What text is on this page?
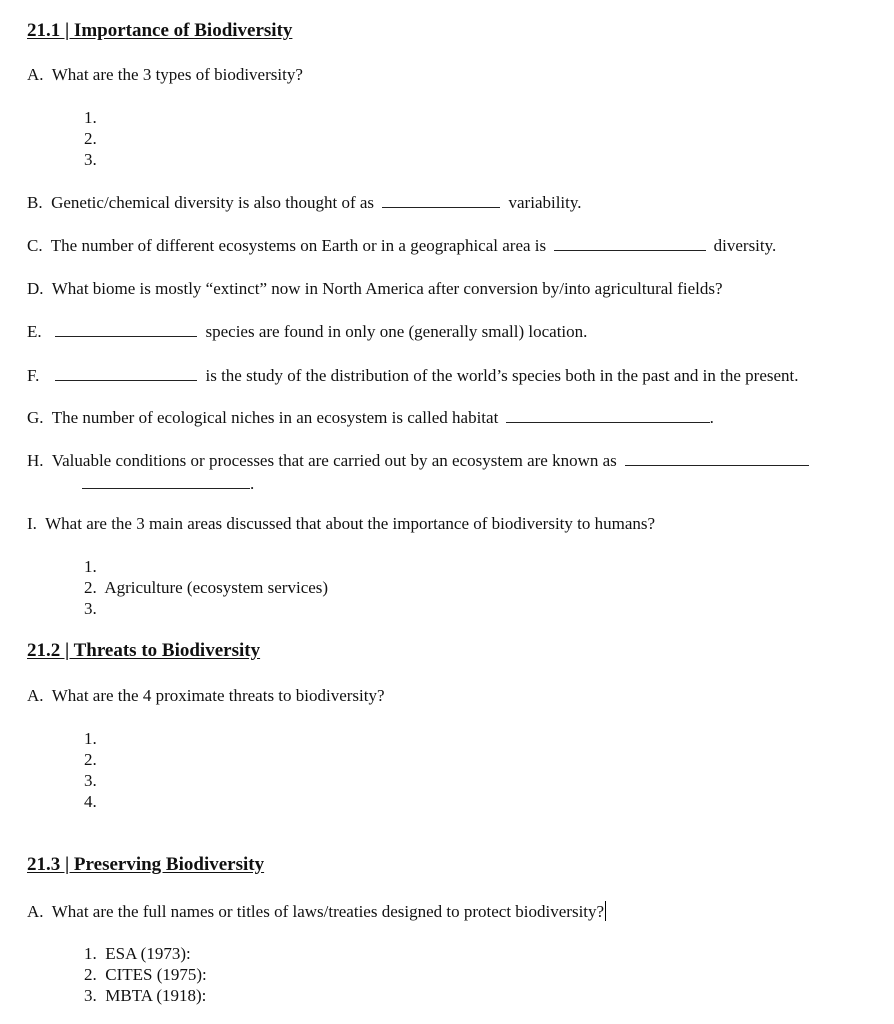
21.1 | Importance of Biodiversity
A. What are the 3 types of biodiversity?
1.
2.
3.
B. Genetic/chemical diversity is also thought of as	variability.
C. The number of different ecosystems on Earth or in a geographical area is	diversity.
D. What biome is mostly “extinct” now in North America after conversion by/into agricultural fields?
E.	species are found in only one (generally small) location.
F.	is the study of the distribution of the world’s species both in the past and in the present.
G. The number of ecological niches in an ecosystem is called habitat	.
H. Valuable conditions or processes that are carried out by an ecosystem are known as
.
I. What are the 3 main areas discussed that about the importance of biodiversity to humans?
1.
2. Agriculture (ecosystem services)
3.
21.2 | Threats to Biodiversity
A. What are the 4 proximate threats to biodiversity?
1.
2.
3.
4.
21.3 | Preserving Biodiversity
A. What are the full names or titles of laws/treaties designed to protect biodiversity?
1. ESA (1973):
2. CITES (1975):
3. MBTA (1918):
